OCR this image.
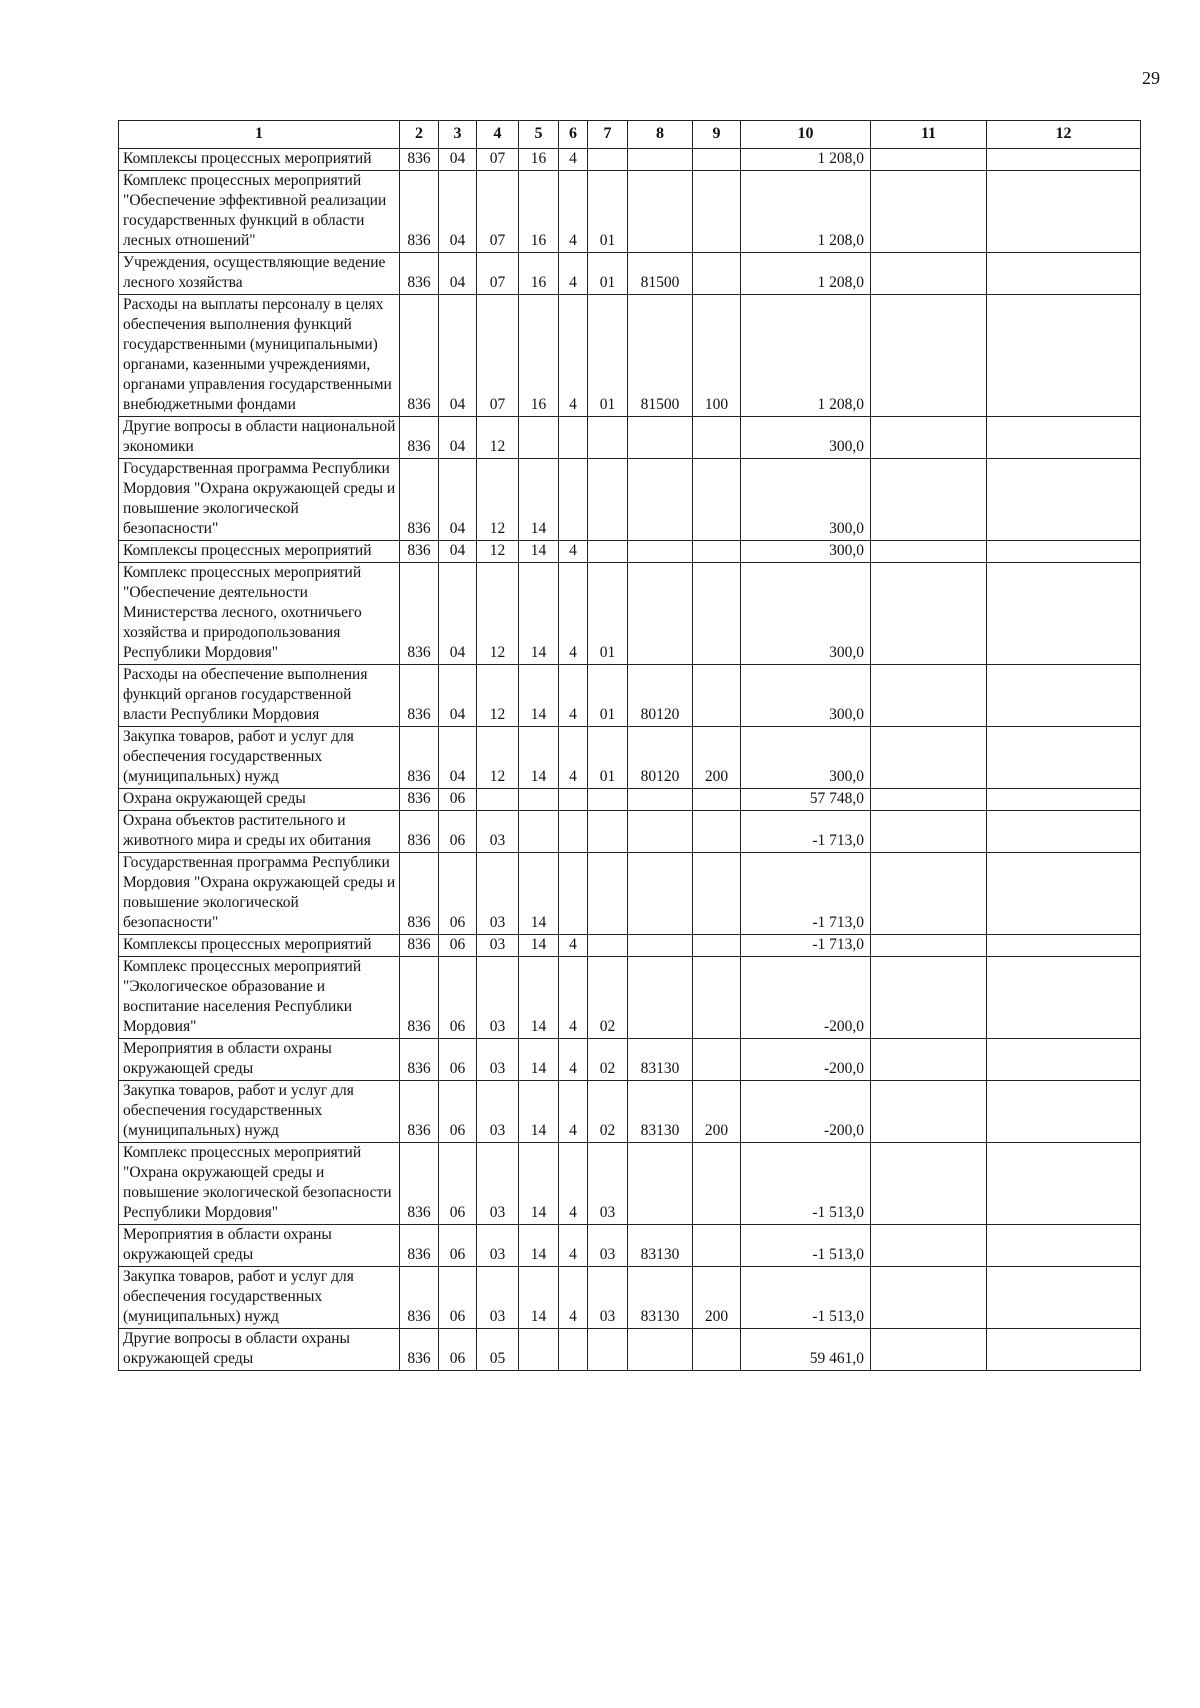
29
1	2	3	4	5	6	7	8	9	10	11	12
Комплексы процессных мероприятий	836	04	07	16	4				1 208,0		
Комплекс процессных мероприятий "Обеспечение эффективной реализации государственных функций в области лесных отношений"	836	04	07	16	4	01			1 208,0		
Учреждения, осуществляющие ведение лесного хозяйства	836	04	07	16	4	01	81500		1 208,0		
Расходы на выплаты персоналу в целях обеспечения выполнения функций государственными (муниципальными) органами, казенными учреждениями, органами управления государственными внебюджетными фондами	836	04	07	16	4	01	81500	100	1 208,0		
Другие вопросы в области национальной экономики	836	04	12						300,0		
Государственная программа Республики Мордовия "Охрана окружающей среды и повышение экологической безопасности"	836	04	12	14					300,0		
Комплексы процессных мероприятий	836	04	12	14	4				300,0		
Комплекс процессных мероприятий "Обеспечение деятельности Министерства лесного, охотничьего хозяйства и природопользования Республики Мордовия"	836	04	12	14	4	01			300,0		
Расходы на обеспечение выполнения функций органов государственной власти Республики Мордовия	836	04	12	14	4	01	80120		300,0		
Закупка товаров, работ и услуг для обеспечения государственных (муниципальных) нужд	836	04	12	14	4	01	80120	200	300,0		
Охрана окружающей среды	836	06							57 748,0		
Охрана объектов растительного и животного мира и среды их обитания	836	06	03						-1 713,0		
Государственная программа Республики Мордовия "Охрана окружающей среды и повышение экологической безопасности"	836	06	03	14					-1 713,0		
Комплексы процессных мероприятий	836	06	03	14	4				-1 713,0		
Комплекс процессных мероприятий "Экологическое образование и воспитание населения Республики Мордовия"	836	06	03	14	4	02			-200,0		
Мероприятия в области охраны окружающей среды	836	06	03	14	4	02	83130		-200,0		
Закупка товаров, работ и услуг для обеспечения государственных (муниципальных) нужд	836	06	03	14	4	02	83130	200	-200,0		
Комплекс процессных мероприятий "Охрана окружающей среды и повышение экологической безопасности Республики Мордовия"	836	06	03	14	4	03			-1 513,0		
Мероприятия в области охраны окружающей среды	836	06	03	14	4	03	83130		-1 513,0		
Закупка товаров, работ и услуг для обеспечения государственных (муниципальных) нужд	836	06	03	14	4	03	83130	200	-1 513,0		
Другие вопросы в области охраны окружающей среды	836	06	05						59 461,0		
